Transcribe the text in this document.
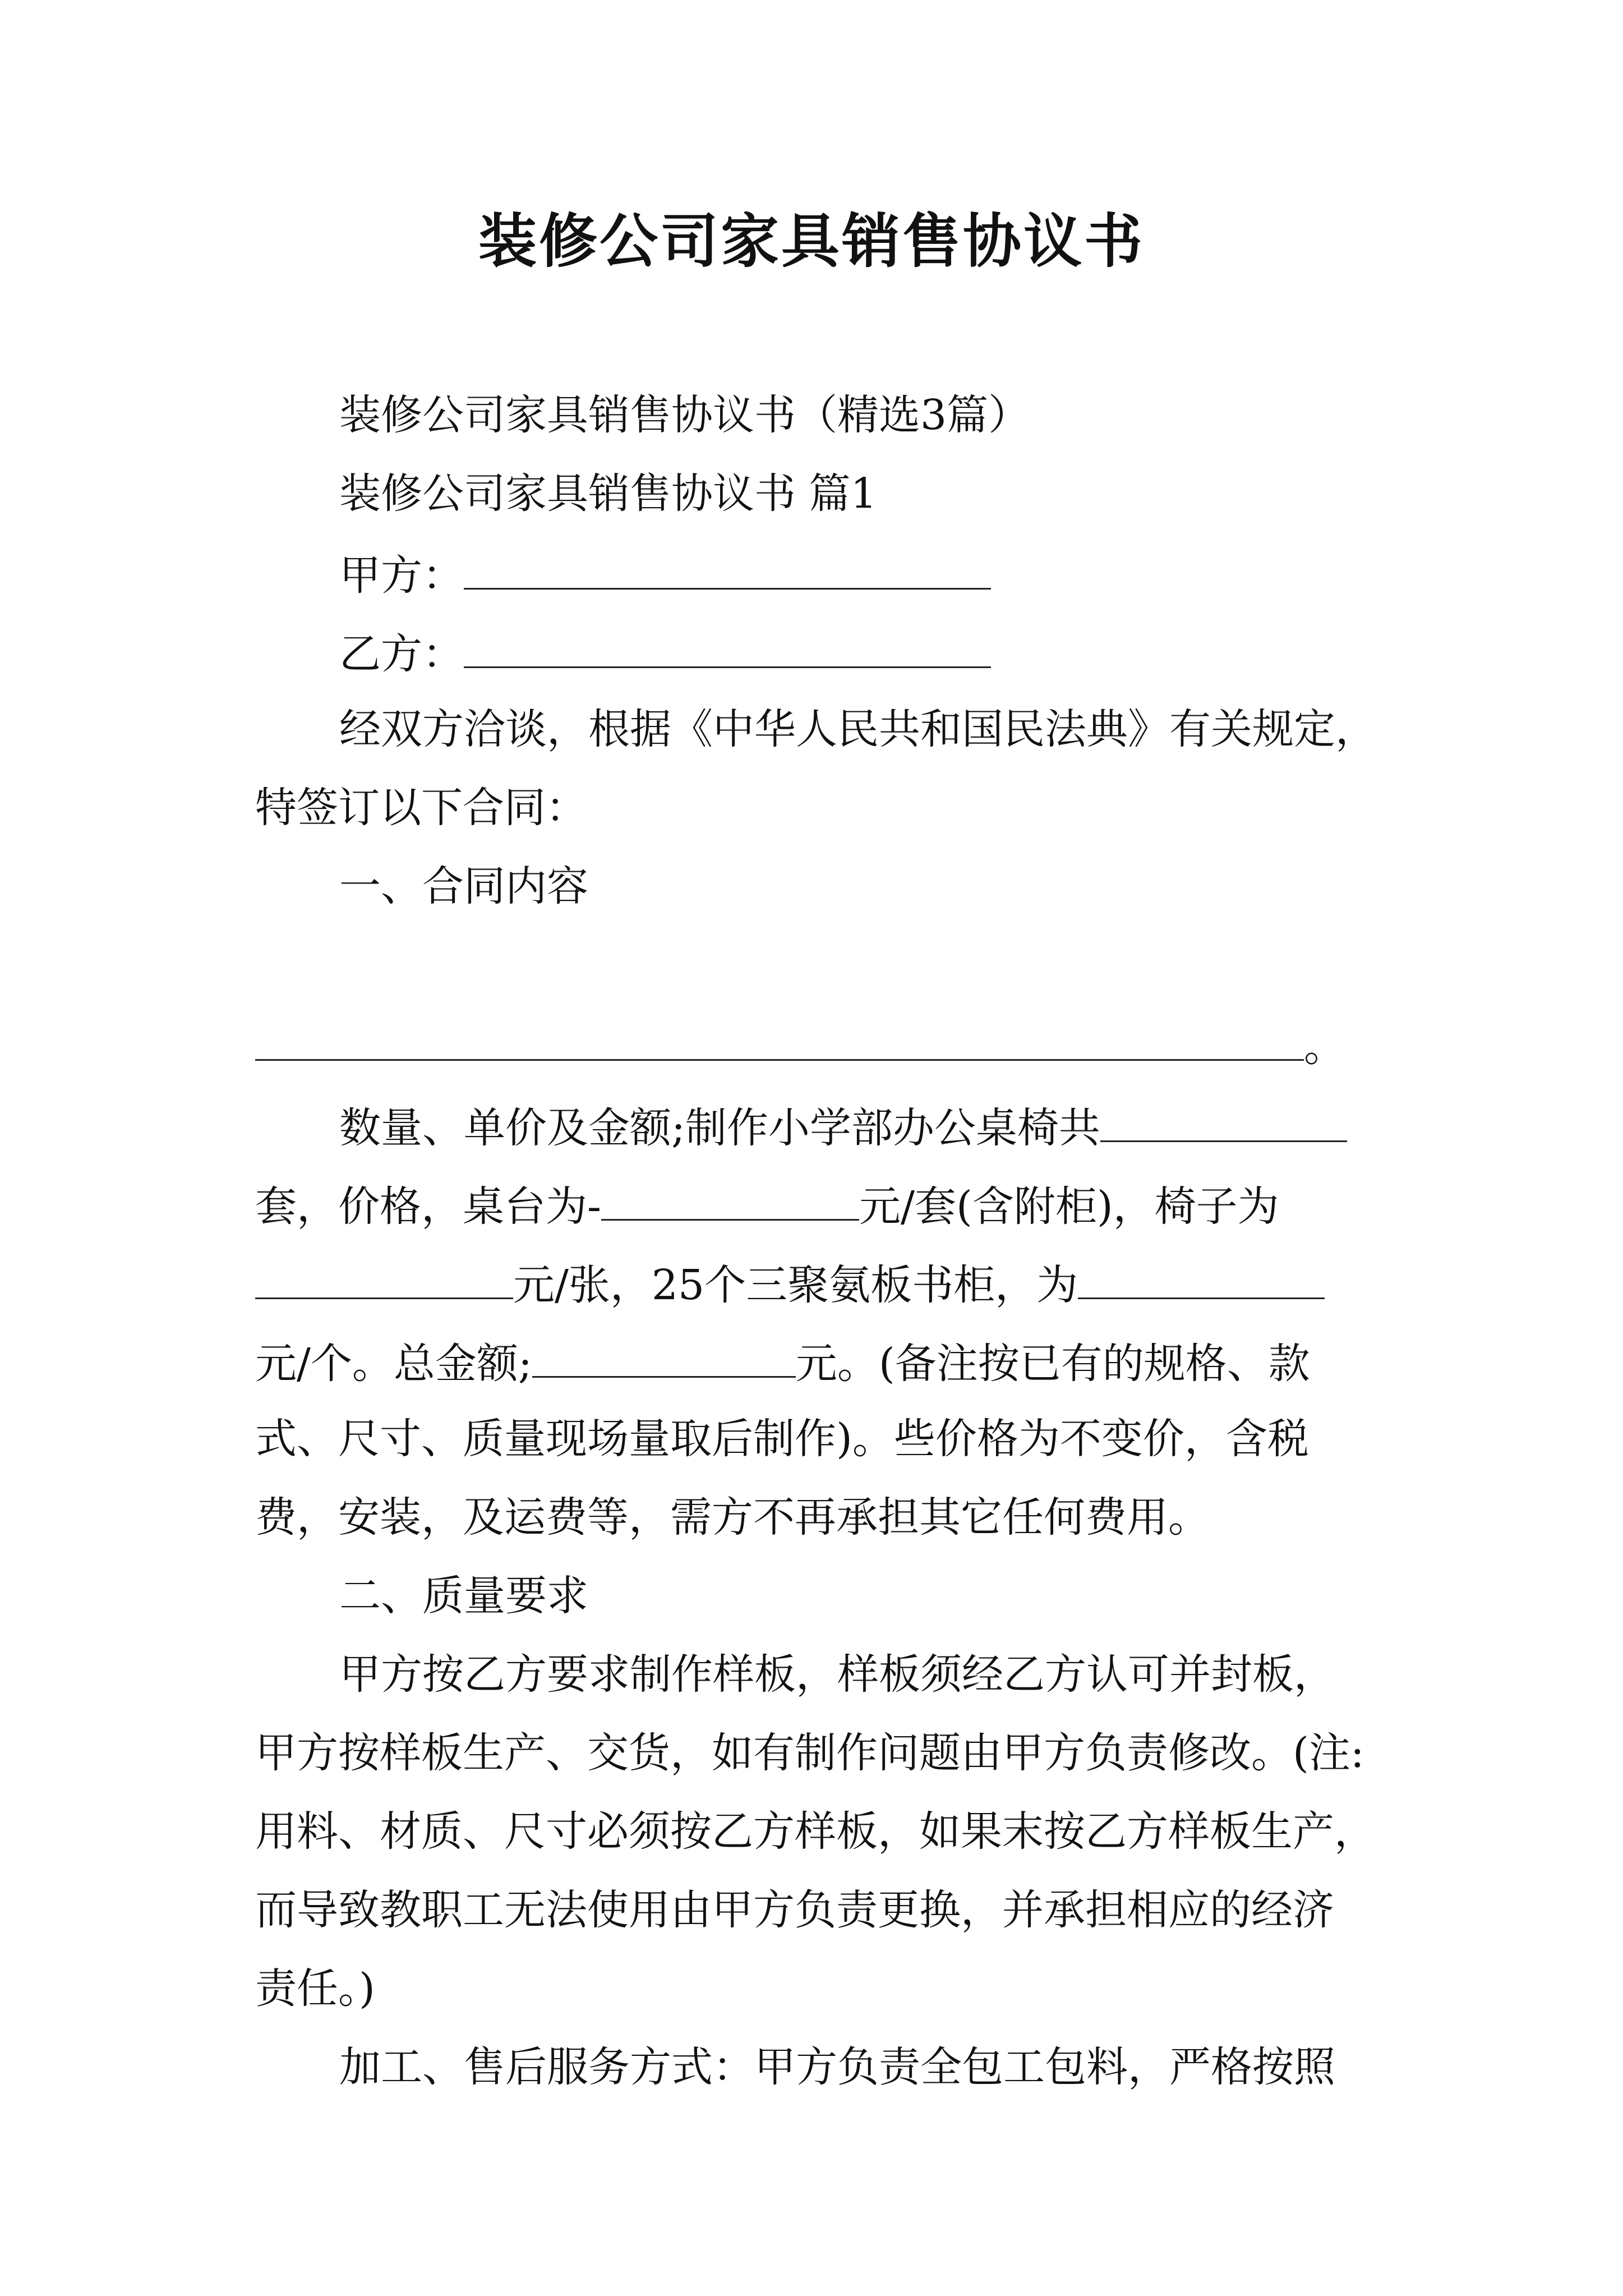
装修公司家具销售协议书
装修公司家具销售协议书（精选3篇）
装修公司家具销售协议书 篇1
甲方：
乙方：
经双方洽谈，根据《中华人民共和国民法典》有关规定，
特签订以下合同：
一、合同内容
。
数量、单价及金额;制作小学部办公桌椅共
套，价格，桌台为-	元/套(含附柜)，椅子为
元/张，25个三聚氨板书柜，为
元/个。总金额;	元。(备注按已有的规格、款
式、尺寸、质量现场量取后制作)。些价格为不变价，含税
费，安装，及运费等，需方不再承担其它任何费用。
二、质量要求
甲方按乙方要求制作样板，样板须经乙方认可并封板，
甲方按样板生产、交货，如有制作问题由甲方负责修改。(注:
用料、材质、尺寸必须按乙方样板，如果末按乙方样板生产，
而导致教职工无法使用由甲方负责更换，并承担相应的经济
责任。)
加工、售后服务方式：甲方负责全包工包料，严格按照
